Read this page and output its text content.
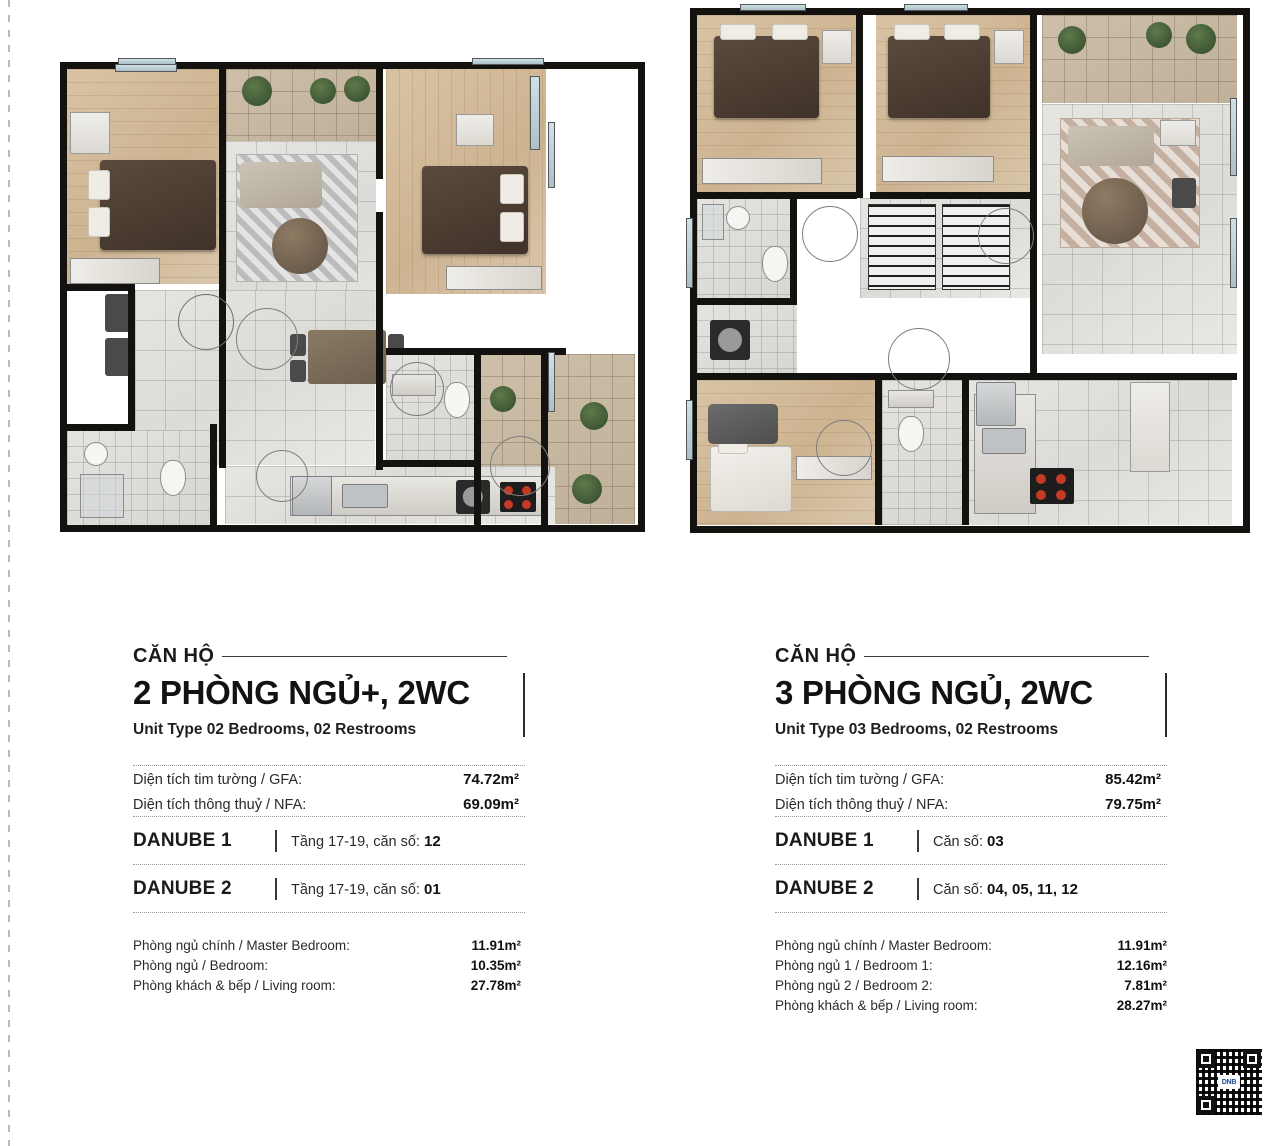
CĂN HỘ
2 PHÒNG NGỦ+, 2WC
Unit Type 02 Bedrooms, 02 Restrooms
Diện tích tim tường / GFA:	74.72m²
Diện tích thông thuỷ / NFA:	69.09m²
DANUBE 1	Tầng 17-19, căn số: 12
DANUBE 2	Tầng 17-19, căn số: 01
Phòng ngủ chính / Master Bedroom:	11.91m²
Phòng ngủ / Bedroom:	10.35m²
Phòng khách & bếp / Living room:	27.78m²
CĂN HỘ
3 PHÒNG NGỦ, 2WC
Unit Type 03 Bedrooms, 02 Restrooms
Diện tích tim tường / GFA:	85.42m²
Diện tích thông thuỷ / NFA:	79.75m²
DANUBE 1	Căn số: 03
DANUBE 2	Căn số: 04, 05, 11, 12
Phòng ngủ chính / Master Bedroom:	11.91m²
Phòng ngủ 1 / Bedroom 1:	12.16m²
Phòng ngủ 2 / Bedroom 2:	7.81m²
Phòng khách & bếp / Living room:	28.27m²
DNB
